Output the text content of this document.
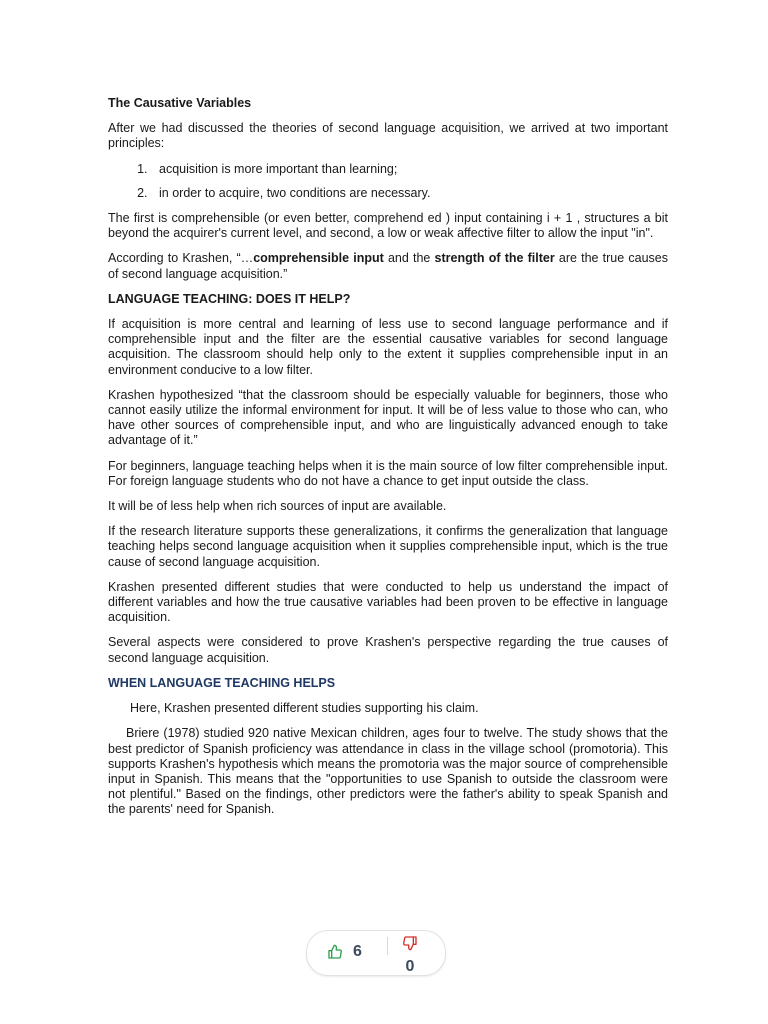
The Causative Variables

After we had discussed the theories of second language acquisition, we arrived at two important principles:

1. acquisition is more important than learning;
2. in order to acquire, two conditions are necessary.

The first is comprehensible (or even better, comprehend ed ) input containing i + 1 , structures a bit beyond the acquirer's current level, and second, a low or weak affective filter to allow the input "in".

According to Krashen, “…comprehensible input and the strength of the filter are the true causes of second language acquisition.”

LANGUAGE TEACHING: DOES IT HELP?

If acquisition is more central and learning of less use to second language performance and if comprehensible input and the filter are the essential causative variables for second language acquisition. The classroom should help only to the extent it supplies comprehensible input in an environment conducive to a low filter.

Krashen hypothesized “that the classroom should be especially valuable for beginners, those who cannot easily utilize the informal environment for input. It will be of less value to those who can, who have other sources of comprehensible input, and who are linguistically advanced enough to take advantage of it.”

For beginners, language teaching helps when it is the main source of low filter comprehensible input. For foreign language students who do not have a chance to get input outside the class.

It will be of less help when rich sources of input are available.

If the research literature supports these generalizations, it confirms the generalization that language teaching helps second language acquisition when it supplies comprehensible input, which is the true cause of second language acquisition.

Krashen presented different studies that were conducted to help us understand the impact of different variables and how the true causative variables had been proven to be effective in language acquisition.

Several aspects were considered to prove Krashen's perspective regarding the true causes of second language acquisition.

WHEN LANGUAGE TEACHING HELPS

Here, Krashen presented different studies supporting his claim.

Briere (1978) studied 920 native Mexican children, ages four to twelve. The study shows that the best predictor of Spanish proficiency was attendance in class in the village school (promotoria). This supports Krashen's hypothesis which means the promotoria was the major source of comprehensible input in Spanish. This means that the "opportunities to use Spanish to outside the classroom were not plentiful." Based on the findings, other predictors were the father's ability to speak Spanish and the parents' need for Spanish.

6
0
